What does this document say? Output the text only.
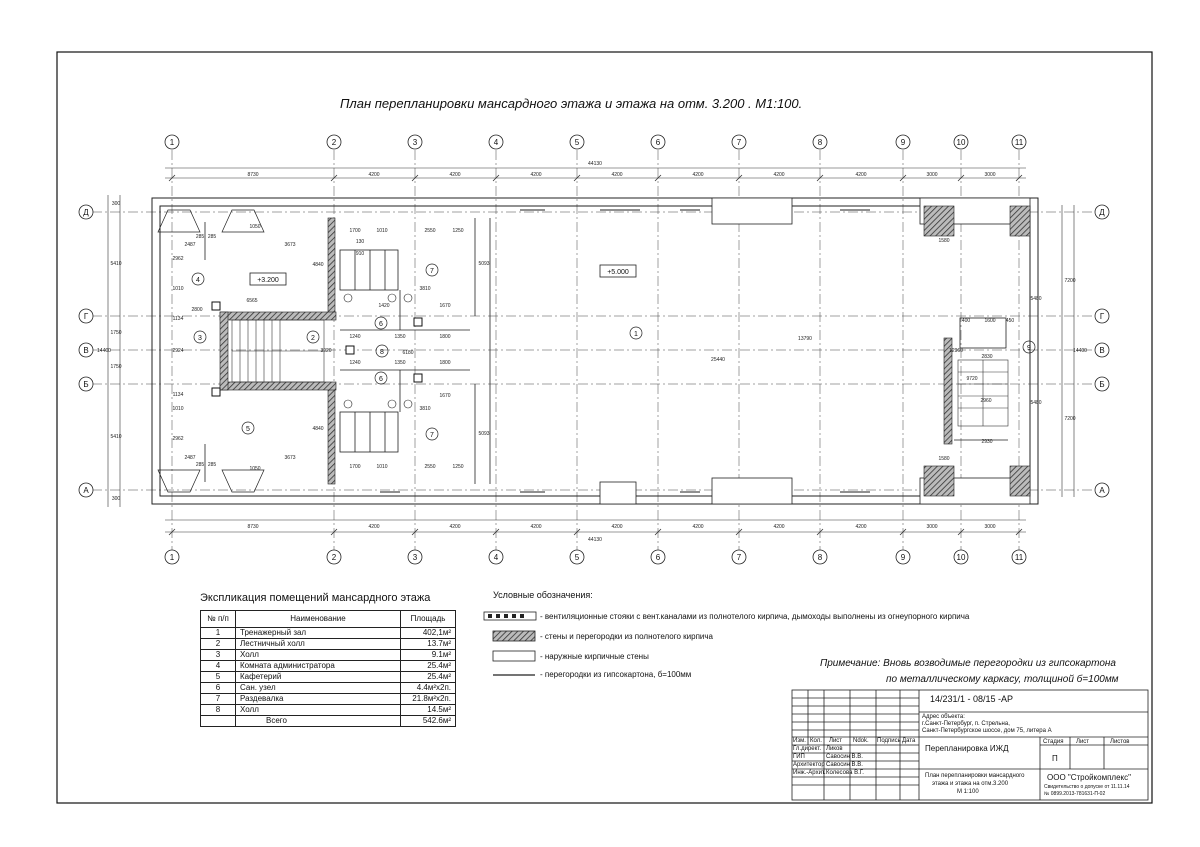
1	2	3	4	5	6	7	8	9	10	11
1	2	3	4	5	6	7	8	9	10	11
Д
Г
В
Б
А
Д
Г
В
Б
А
44130
8730	4200	4200	4200	4200	4200	4200	4200	3000	3000
8730	4200	4200	4200	4200	4200	4200	4200	3000	3000
44130
300
5410
1750
1750
5410
300
14400
7200
7200
14400
2487	3673
2487	3673
285 285
1050
285 285
1050
1700	1010	2550
1700	1010	2550
1250
1250
130
910
3810
3810
1670
1670
5093
5093
2800
6565
1240	1350	1800
1240	1350	1800
6180
1420
25440
13790
4840
4840
2962
2962
1010
1010
1134
1134
2924	3920
1580
1580
400	1600 450
2830
2930
12960
5480
5480
9720
2960
+3.200
+5.000
1
2
3
4
5
6
6
7
7
8
9
План перепланировки мансардного этажа и этажа на отм. 3.200 . М1:100.
Экспликация помещений мансардного этажа
№ п/п	Наименование	Площадь
1	Тренажерный зал	402,1м²
2	Лестничный холл	13.7м²
3	Холл	9.1м²
4	Комната администратора	25.4м²
5	Кафетерий	25.4м²
6	Сан. узел	4.4м²х2п.
7	Раздевалка	21.8м²х2п.
8	Холл	14.5м²
	Всего	542.6м²
Условные обозначения:
- вентиляционные стояки с вент.каналами из полнотелого кирпича, дымоходы выполнены из огнеупорного кирпича
- стены и перегородки из полнотелого кирпича
- наружные кирпичные стены
- перегородки из гипсокартона, б=100мм
Примечание: Вновь возводимые перегородки из гипсокартона
по металлическому каркасу, толщиной б=100мм
14/231/1 - 08/15 -АР
Адрес объекта:
г.Санкт-Петербург, п. Стрельна,
Санкт-Петербургское шоссе, дом 75, литера А
Изм. Кол. Лист Ndok. Подпись Дата
Гл.директ. Ликов
ГИП	Савосин В.В.
Архитектор Савосин В.В.
Инж.-Архит. Колесова В.Г.
Перепланировка ИЖД
Стадия Лист	Листов
П
План перепланировки мансардного
этажа и этажа на отм.3.200
М 1:100
ООО "Стройкомплекс"
Свидетельство о допуске от 11.11.14
№ 0899.2013-781631-П-02
